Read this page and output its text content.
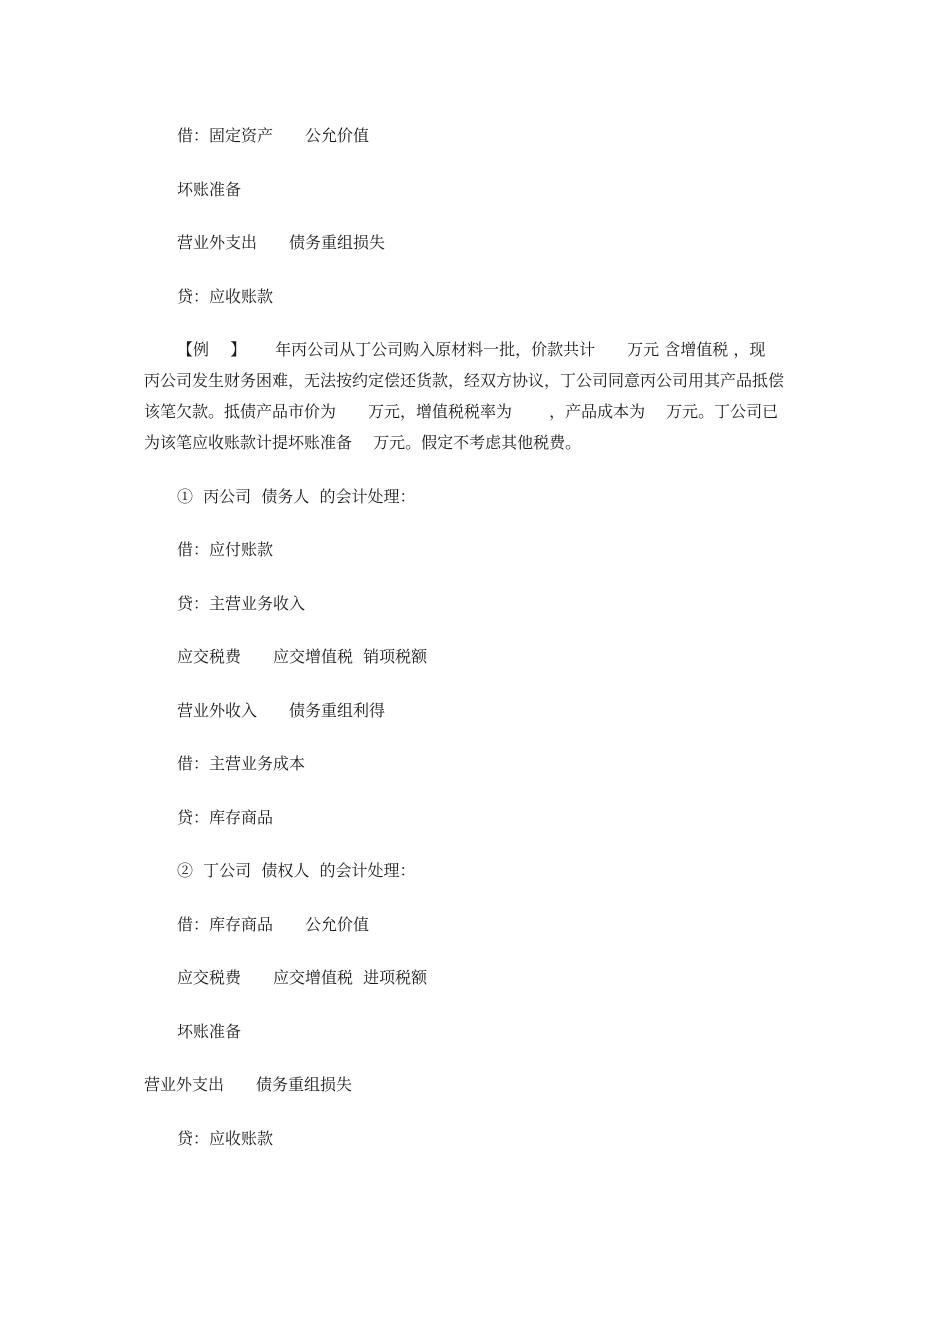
借：固定资产　　公允价值

坏账准备

营业外支出　　债务重组损失

贷：应收账款

【例　 】　　 年丙公司从丁公司购入原材料一批，价款共计　　万元 含增值税 ，现
丙公司发生财务困难，无法按约定偿还货款，经双方协议，丁公司同意丙公司用其产品抵偿
该笔欠款。抵债产品市价为　　万元，增值税税率为　　 ，产品成本为　 万元。丁公司已
为该笔应收账款计提坏账准备　 万元。假定不考虑其他税费。

①  丙公司  债务人  的会计处理：

借：应付账款

贷：主营业务收入

应交税费　　应交增值税  销项税额

营业外收入　　债务重组利得

借：主营业务成本

贷：库存商品

②  丁公司  债权人  的会计处理：

借：库存商品　　公允价值

应交税费　　应交增值税  进项税额

坏账准备

营业外支出　　债务重组损失

贷：应收账款
